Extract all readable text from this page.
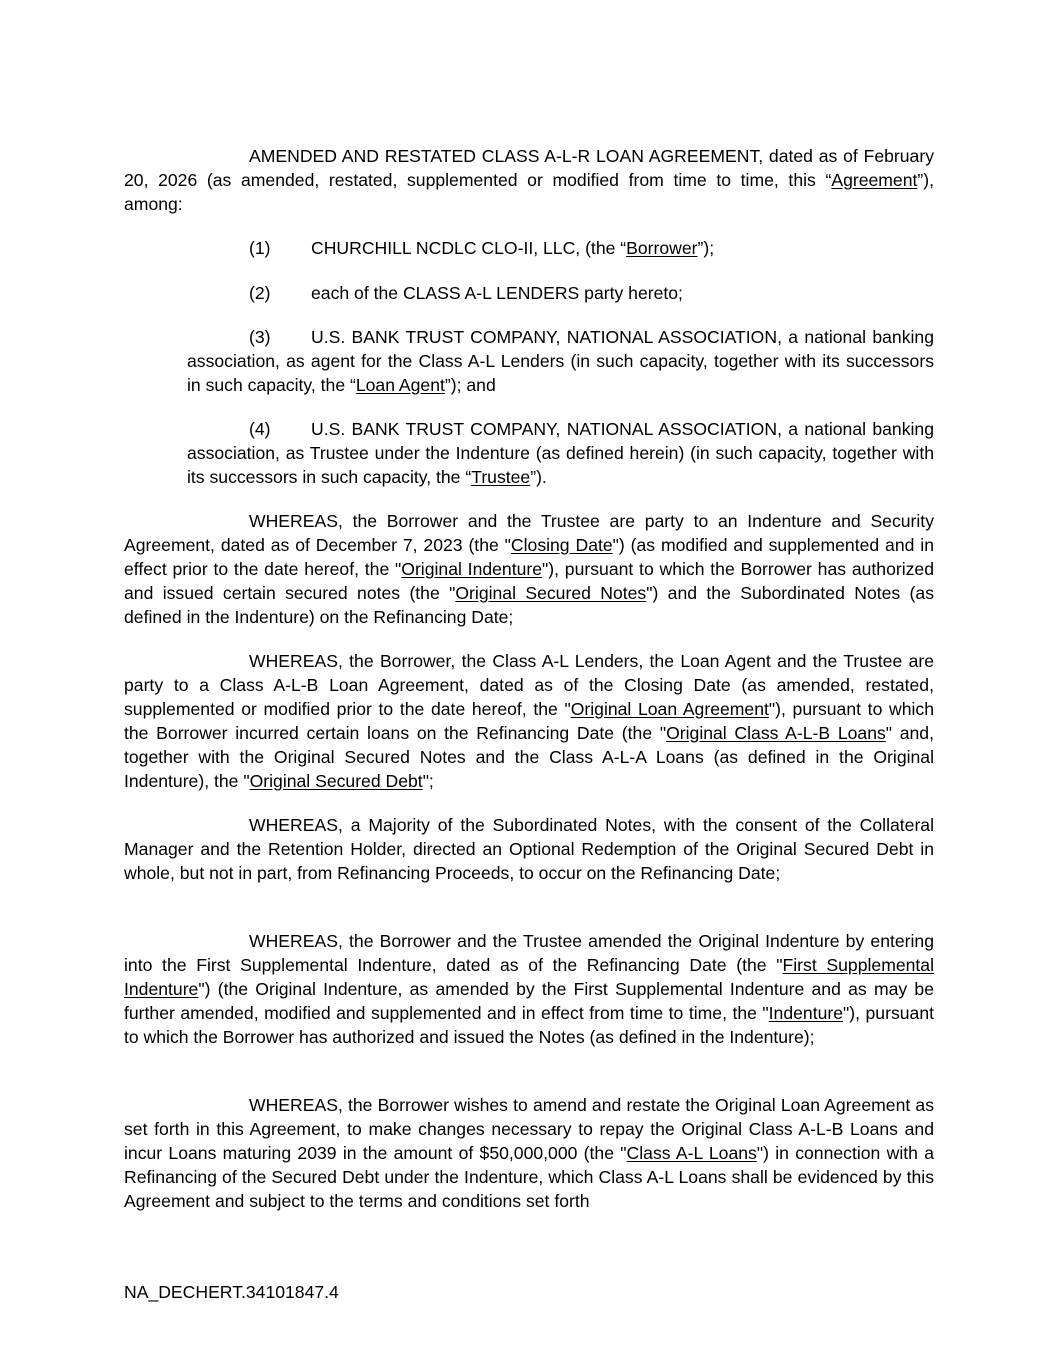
AMENDED AND RESTATED CLASS A-L-R LOAN AGREEMENT, dated as of February 20, 2026 (as amended, restated, supplemented or modified from time to time, this “Agreement”), among:

(1) CHURCHILL NCDLC CLO-II, LLC, (the “Borrower”);

(2) each of the CLASS A-L LENDERS party hereto;

(3) U.S. BANK TRUST COMPANY, NATIONAL ASSOCIATION, a national banking association, as agent for the Class A-L Lenders (in such capacity, together with its successors in such capacity, the “Loan Agent”); and

(4) U.S. BANK TRUST COMPANY, NATIONAL ASSOCIATION, a national banking association, as Trustee under the Indenture (as defined herein) (in such capacity, together with its successors in such capacity, the “Trustee”).

WHEREAS, the Borrower and the Trustee are party to an Indenture and Security Agreement, dated as of December 7, 2023 (the "Closing Date") (as modified and supplemented and in effect prior to the date hereof, the "Original Indenture"), pursuant to which the Borrower has authorized and issued certain secured notes (the "Original Secured Notes") and the Subordinated Notes (as defined in the Indenture) on the Refinancing Date;

WHEREAS, the Borrower, the Class A-L Lenders, the Loan Agent and the Trustee are party to a Class A-L-B Loan Agreement, dated as of the Closing Date (as amended, restated, supplemented or modified prior to the date hereof, the "Original Loan Agreement"), pursuant to which the Borrower incurred certain loans on the Refinancing Date (the "Original Class A-L-B Loans" and, together with the Original Secured Notes and the Class A-L-A Loans (as defined in the Original Indenture), the "Original Secured Debt";

WHEREAS, a Majority of the Subordinated Notes, with the consent of the Collateral Manager and the Retention Holder, directed an Optional Redemption of the Original Secured Debt in whole, but not in part, from Refinancing Proceeds, to occur on the Refinancing Date;

WHEREAS, the Borrower and the Trustee amended the Original Indenture by entering into the First Supplemental Indenture, dated as of the Refinancing Date (the "First Supplemental Indenture") (the Original Indenture, as amended by the First Supplemental Indenture and as may be further amended, modified and supplemented and in effect from time to time, the "Indenture"), pursuant to which the Borrower has authorized and issued the Notes (as defined in the Indenture);

WHEREAS, the Borrower wishes to amend and restate the Original Loan Agreement as set forth in this Agreement, to make changes necessary to repay the Original Class A-L-B Loans and incur Loans maturing 2039 in the amount of $50,000,000 (the "Class A-L Loans") in connection with a Refinancing of the Secured Debt under the Indenture, which Class A-L Loans shall be evidenced by this Agreement and subject to the terms and conditions set forth

NA_DECHERT.34101847.4
